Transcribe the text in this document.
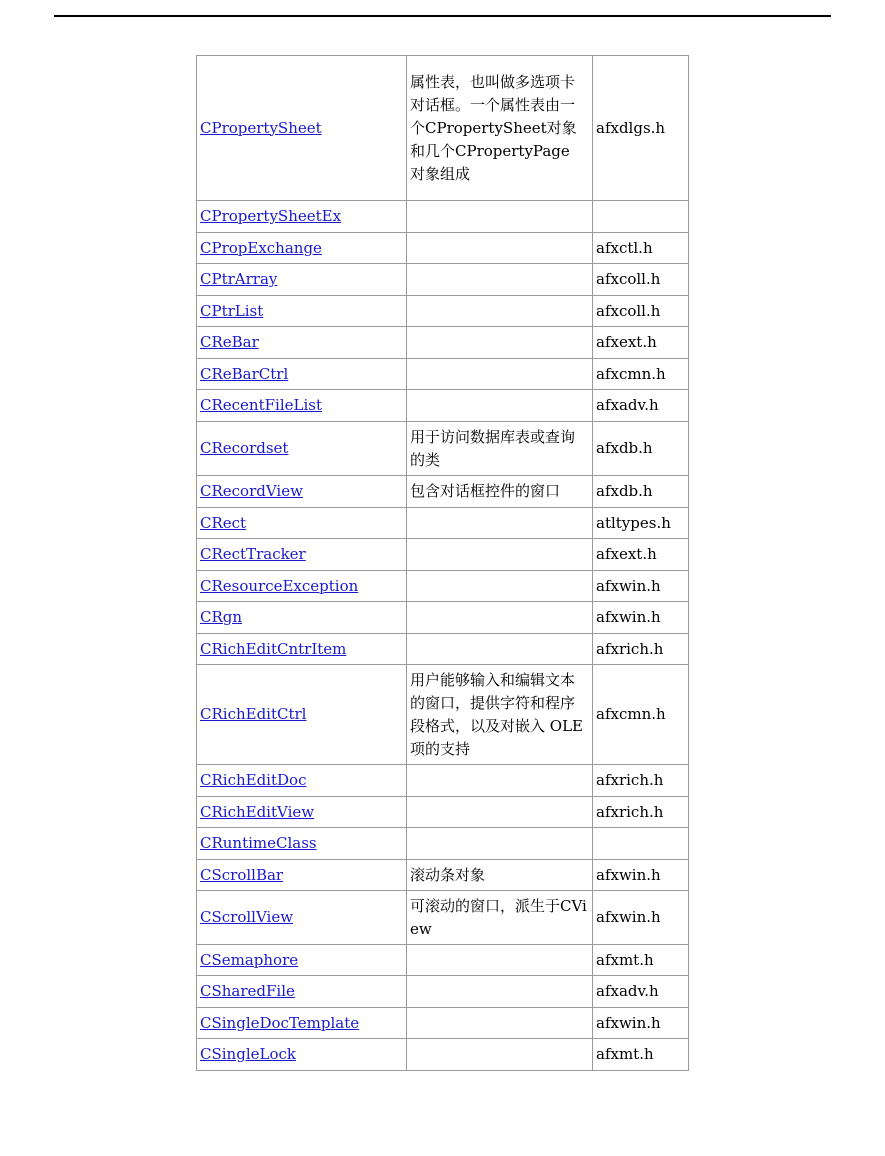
CPropertySheet	属性表，也叫做多选项卡对话框。一个属性表由一个CPropertySheet对象和几个CPropertyPage 对象组成	afxdlgs.h
CPropertySheetEx		
CPropExchange		afxctl.h
CPtrArray		afxcoll.h
CPtrList		afxcoll.h
CReBar		afxext.h
CReBarCtrl		afxcmn.h
CRecentFileList		afxadv.h
CRecordset	用于访问数据库表或查询的类	afxdb.h
CRecordView	包含对话框控件的窗口	afxdb.h
CRect		atltypes.h
CRectTracker		afxext.h
CResourceException		afxwin.h
CRgn		afxwin.h
CRichEditCntrItem		afxrich.h
CRichEditCtrl	用户能够输入和编辑文本的窗口，提供字符和程序段格式，以及对嵌入 OLE 项的支持	afxcmn.h
CRichEditDoc		afxrich.h
CRichEditView		afxrich.h
CRuntimeClass		
CScrollBar	滚动条对象	afxwin.h
CScrollView	可滚动的窗口，派生于CView	afxwin.h
CSemaphore		afxmt.h
CSharedFile		afxadv.h
CSingleDocTemplate		afxwin.h
CSingleLock		afxmt.h
